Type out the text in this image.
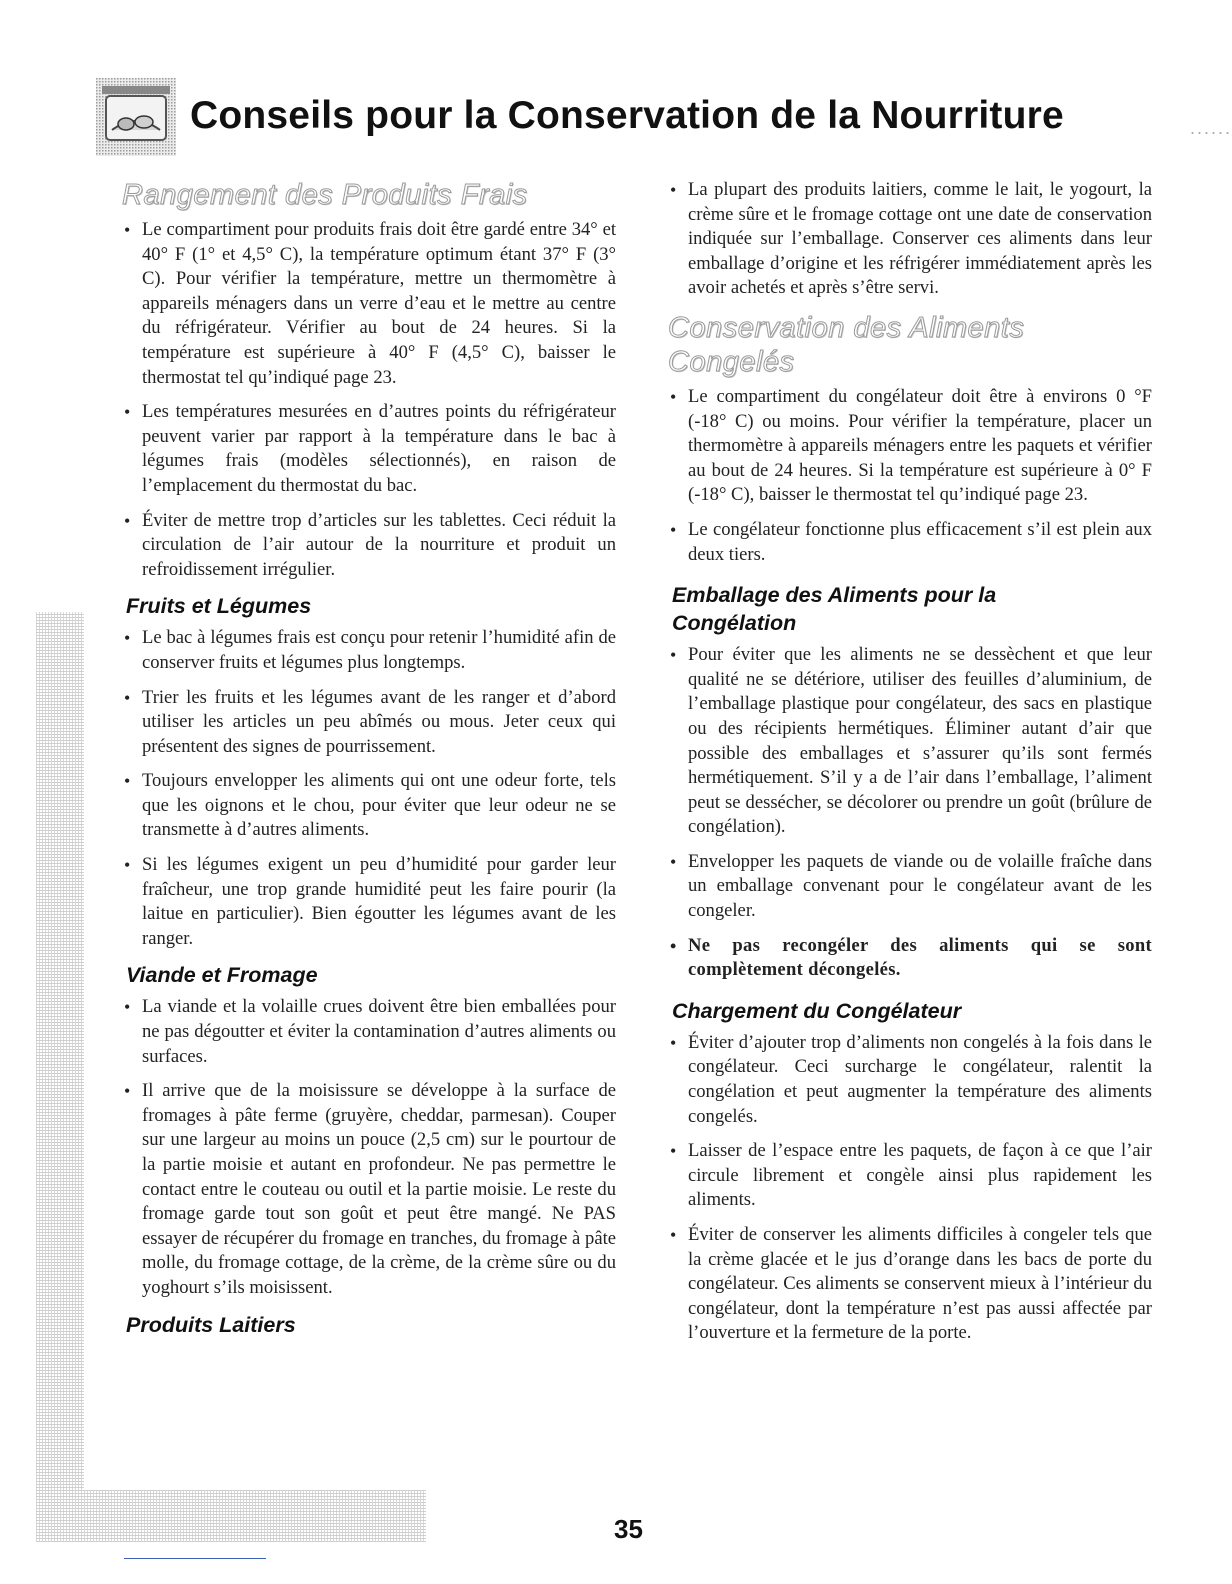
Conseils pour la Conservation de la Nourriture	......
Rangement des Produits Frais
• Le compartiment pour produits frais doit être gardé entre 34° et 40° F (1° et 4,5° C), la température optimum étant 37° F (3° C). Pour vérifier la température, mettre un thermomètre à appareils ménagers dans un verre d’eau et le mettre au centre du réfrigérateur. Vérifier au bout de 24 heures. Si la température est supérieure à 40° F (4,5° C), baisser le thermostat tel qu’indiqué page 23.
• Les températures mesurées en d’autres points du réfrigérateur peuvent varier par rapport à la température dans le bac à légumes frais (modèles sélectionnés), en raison de l’emplacement du thermostat du bac.
• Éviter de mettre trop d’articles sur les tablettes. Ceci réduit la circulation de l’air autour de la nourriture et produit un refroidissement irrégulier.
Fruits et Légumes
• Le bac à légumes frais est conçu pour retenir l’humidité afin de conserver fruits et légumes plus longtemps.
• Trier les fruits et les légumes avant de les ranger et d’abord utiliser les articles un peu abîmés ou mous. Jeter ceux qui présentent des signes de pourrissement.
• Toujours envelopper les aliments qui ont une odeur forte, tels que les oignons et le chou, pour éviter que leur odeur ne se transmette à d’autres aliments.
• Si les légumes exigent un peu d’humidité pour garder leur fraîcheur, une trop grande humidité peut les faire pourir (la laitue en particulier). Bien égoutter les légumes avant de les ranger.
Viande et Fromage
• La viande et la volaille crues doivent être bien emballées pour ne pas dégoutter et éviter la contamination d’autres aliments ou surfaces.
• Il arrive que de la moisissure se développe à la surface de fromages à pâte ferme (gruyère, cheddar, parmesan). Couper sur une largeur au moins un pouce (2,5 cm) sur le pourtour de la partie moisie et autant en profondeur. Ne pas permettre le contact entre le couteau ou outil et la partie moisie. Le reste du fromage garde tout son goût et peut être mangé. Ne PAS essayer de récupérer du fromage en tranches, du fromage à pâte molle, du fromage cottage, de la crème, de la crème sûre ou du yoghourt s’ils moisissent.
Produits Laitiers
• La plupart des produits laitiers, comme le lait, le yogourt, la crème sûre et le fromage cottage ont une date de conservation indiquée sur l’emballage. Conserver ces aliments dans leur emballage d’origine et les réfrigérer immédiatement après les avoir achetés et après s’être servi.
Conservation des Aliments
Congelés
• Le compartiment du congélateur doit être à environs 0 °F (-18° C) ou moins. Pour vérifier la température, placer un thermomètre à appareils ménagers entre les paquets et vérifier au bout de 24 heures. Si la température est supérieure à 0° F (-18° C), baisser le thermostat tel qu’indiqué page 23.
• Le congélateur fonctionne plus efficacement s’il est plein aux deux tiers.
Emballage des Aliments pour la
Congélation
• Pour éviter que les aliments ne se dessèchent et que leur qualité ne se détériore, utiliser des feuilles d’aluminium, de l’emballage plastique pour congélateur, des sacs en plastique ou des récipients hermétiques. Éliminer autant d’air que possible des emballages et s’assurer qu’ils sont fermés hermétiquement. S’il y a de l’air dans l’emballage, l’aliment peut se dessécher, se décolorer ou prendre un goût (brûlure de congélation).
• Envelopper les paquets de viande ou de volaille fraîche dans un emballage convenant pour le congélateur avant de les congeler.
• Ne pas recongéler des aliments qui se sont complètement décongelés.
Chargement du Congélateur
• Éviter d’ajouter trop d’aliments non congelés à la fois dans le congélateur. Ceci surcharge le congélateur, ralentit la congélation et peut augmenter la température des aliments congelés.
• Laisser de l’espace entre les paquets, de façon à ce que l’air circule librement et congèle ainsi plus rapidement les aliments.
• Éviter de conserver les aliments difficiles à congeler tels que la crème glacée et le jus d’orange dans les bacs de porte du congélateur. Ces aliments se conservent mieux à l’intérieur du congélateur, dont la température n’est pas aussi affectée par l’ouverture et la fermeture de la porte.
35
